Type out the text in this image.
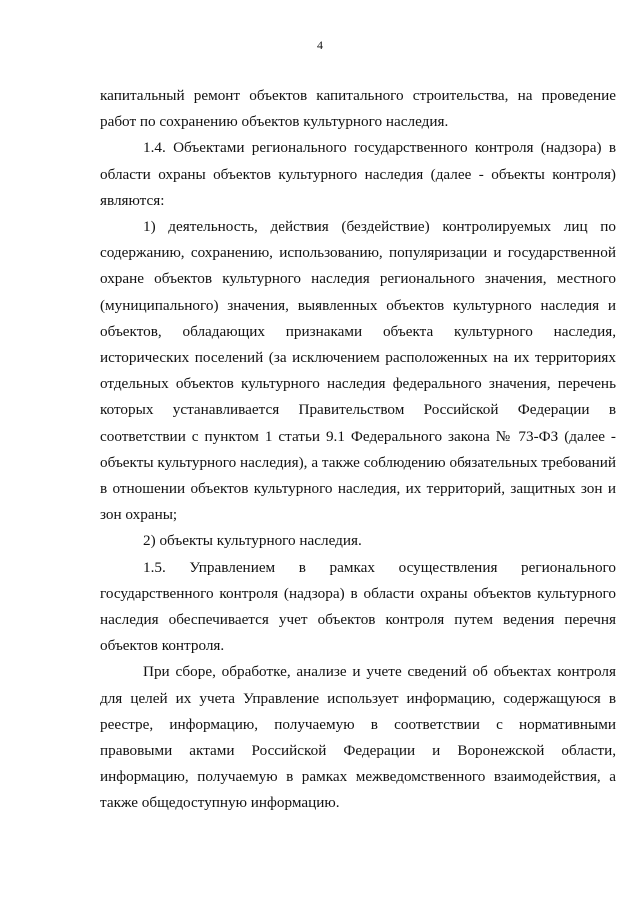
4

капитальный ремонт объектов капитального строительства, на проведение работ по сохранению объектов культурного наследия.

1.4. Объектами регионального государственного контроля (надзора) в области охраны объектов культурного наследия (далее - объекты контроля) являются:

1) деятельность, действия (бездействие) контролируемых лиц по содержанию, сохранению, использованию, популяризации и государственной охране объектов культурного наследия регионального значения, местного (муниципального) значения, выявленных объектов культурного наследия и объектов, обладающих признаками объекта культурного наследия, исторических поселений (за исключением расположенных на их территориях отдельных объектов культурного наследия федерального значения, перечень которых устанавливается Правительством Российской Федерации в соответствии с пунктом 1 статьи 9.1 Федерального закона № 73-ФЗ (далее - объекты культурного наследия), а также соблюдению обязательных требований в отношении объектов культурного наследия, их территорий, защитных зон и зон охраны;

2) объекты культурного наследия.

1.5. Управлением в рамках осуществления регионального государственного контроля (надзора) в области охраны объектов культурного наследия обеспечивается учет объектов контроля путем ведения перечня объектов контроля.

При сборе, обработке, анализе и учете сведений об объектах контроля для целей их учета Управление использует информацию, содержащуюся в реестре, информацию, получаемую в соответствии с нормативными правовыми актами Российской Федерации и Воронежской области, информацию, получаемую в рамках межведомственного взаимодействия, а также общедоступную информацию.
